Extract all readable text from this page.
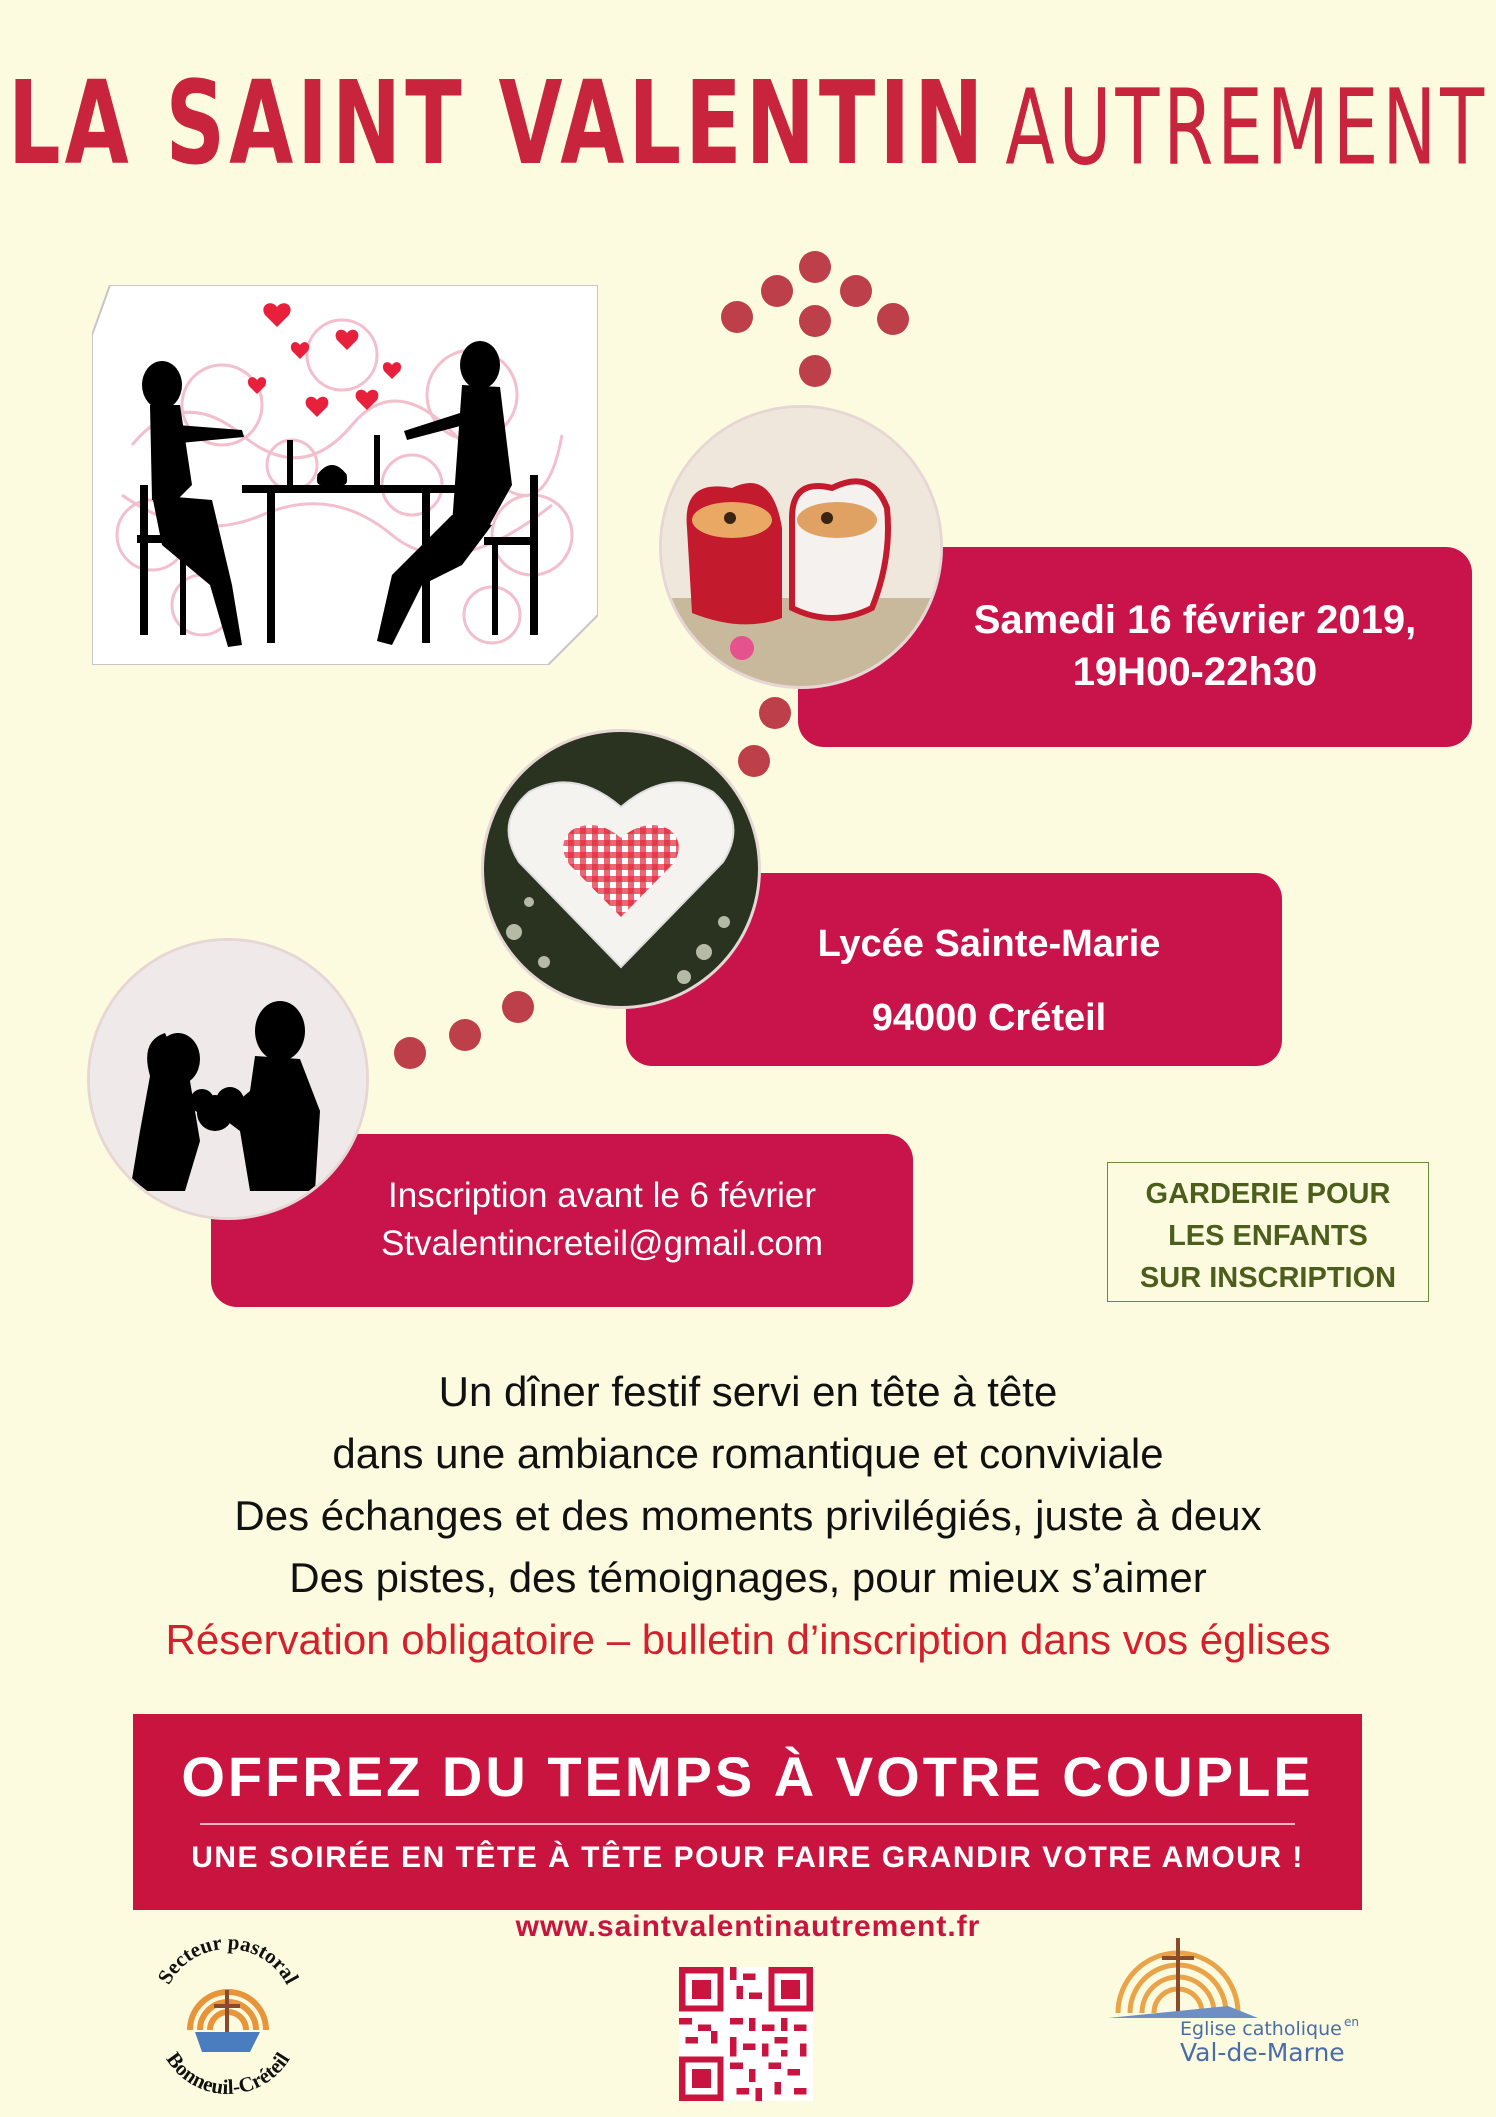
LA SAINT VALENTIN AUTREMENT
Samedi 16 février 2019,
19H00-22h30
Lycée Sainte-Marie
94000 Créteil
Inscription avant le 6 février
Stvalentincreteil@gmail.com
GARDERIE POUR
LES ENFANTS
SUR INSCRIPTION
Un dîner festif servi en tête à tête
dans une ambiance romantique et conviviale
Des échanges et des moments privilégiés, juste à deux
Des pistes, des témoignages, pour mieux s’aimer
Réservation obligatoire – bulletin d’inscription dans vos églises
OFFREZ DU TEMPS À VOTRE COUPLE
UNE SOIRÉE EN TÊTE À TÊTE POUR FAIRE GRANDIR VOTRE AMOUR !
www.saintvalentinautrement.fr
Secteur pastoral
Bonneuil-Créteil
Eglise catholique en
Val-de-Marne
